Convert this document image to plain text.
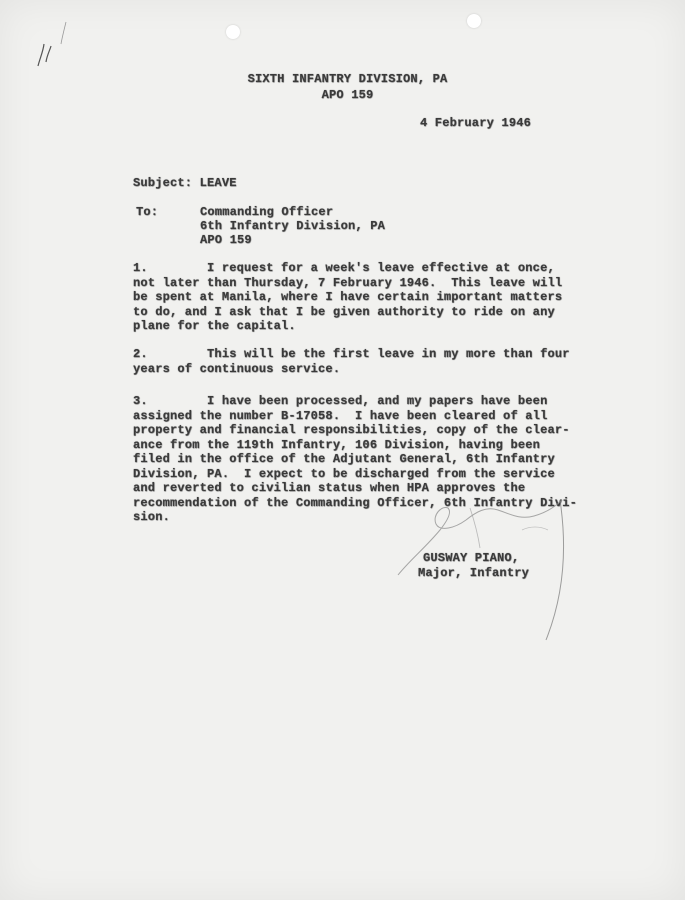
SIXTH INFANTRY DIVISION, PA
APO 159
4 February 1946
Subject: LEAVE
To:	Commanding Officer
6th Infantry Division, PA
APO 159
1.        I request for a week's leave effective at once,
not later than Thursday, 7 February 1946.  This leave will
be spent at Manila, where I have certain important matters
to do, and I ask that I be given authority to ride on any
plane for the capital.
2.        This will be the first leave in my more than four
years of continuous service.
3.        I have been processed, and my papers have been
assigned the number B-17058.  I have been cleared of all
property and financial responsibilities, copy of the clear-
ance from the 119th Infantry, 106 Division, having been
filed in the office of the Adjutant General, 6th Infantry
Division, PA.  I expect to be discharged from the service
and reverted to civilian status when HPA approves the
recommendation of the Commanding Officer, 6th Infantry Divi-
sion.
GUSWAY PIANO,
Major, Infantry
